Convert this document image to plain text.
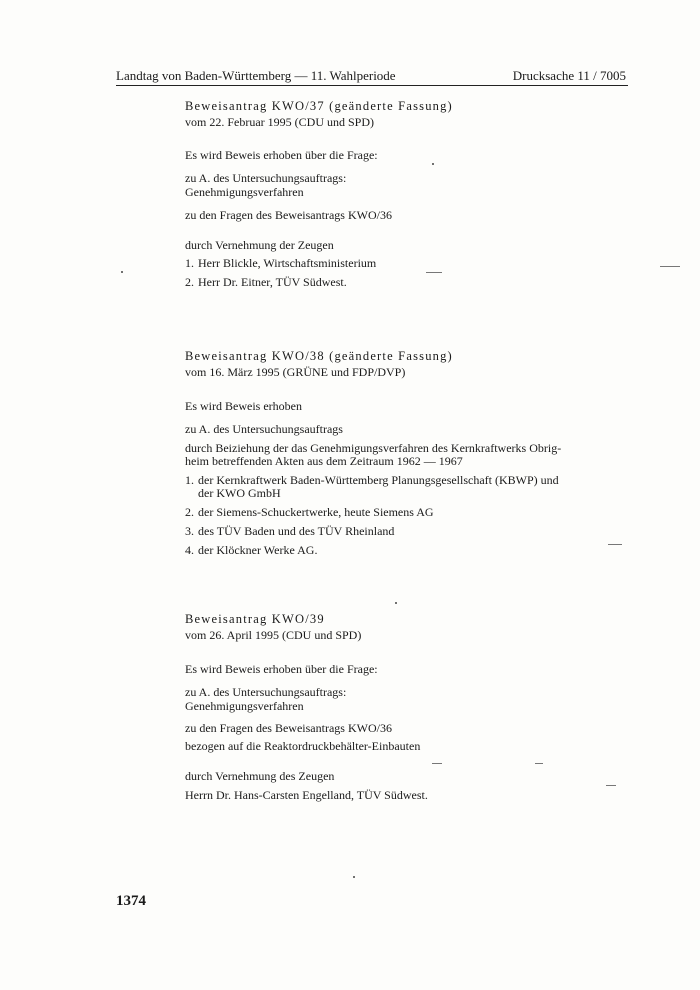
Landtag von Baden-Württemberg — 11. Wahlperiode	Drucksache 11 / 7005

Beweisantrag KWO/37 (geänderte Fassung)

vom 22. Februar 1995 (CDU und SPD)

Es wird Beweis erhoben über die Frage:

zu A. des Untersuchungsauftrags:

Genehmigungsverfahren

zu den Fragen des Beweisantrags KWO/36

durch Vernehmung der Zeugen

1. Herr Blickle, Wirtschaftsministerium
2. Herr Dr. Eitner, TÜV Südwest.

Beweisantrag KWO/38 (geänderte Fassung)

vom 16. März 1995 (GRÜNE und FDP/DVP)

Es wird Beweis erhoben

zu A. des Untersuchungsauftrags

durch Beiziehung der das Genehmigungsverfahren des Kernkraftwerks Obrig-

heim betreffenden Akten aus dem Zeitraum 1962 — 1967

1. der Kernkraftwerk Baden-Württemberg Planungsgesellschaft (KBWP) und
der KWO GmbH
2. der Siemens-Schuckertwerke, heute Siemens AG
3. des TÜV Baden und des TÜV Rheinland
4. der Klöckner Werke AG.

Beweisantrag KWO/39

vom 26. April 1995 (CDU und SPD)

Es wird Beweis erhoben über die Frage:

zu A. des Untersuchungsauftrags:

Genehmigungsverfahren

zu den Fragen des Beweisantrags KWO/36

bezogen auf die Reaktordruckbehälter-Einbauten

durch Vernehmung des Zeugen

Herrn Dr. Hans-Carsten Engelland, TÜV Südwest.

1374
